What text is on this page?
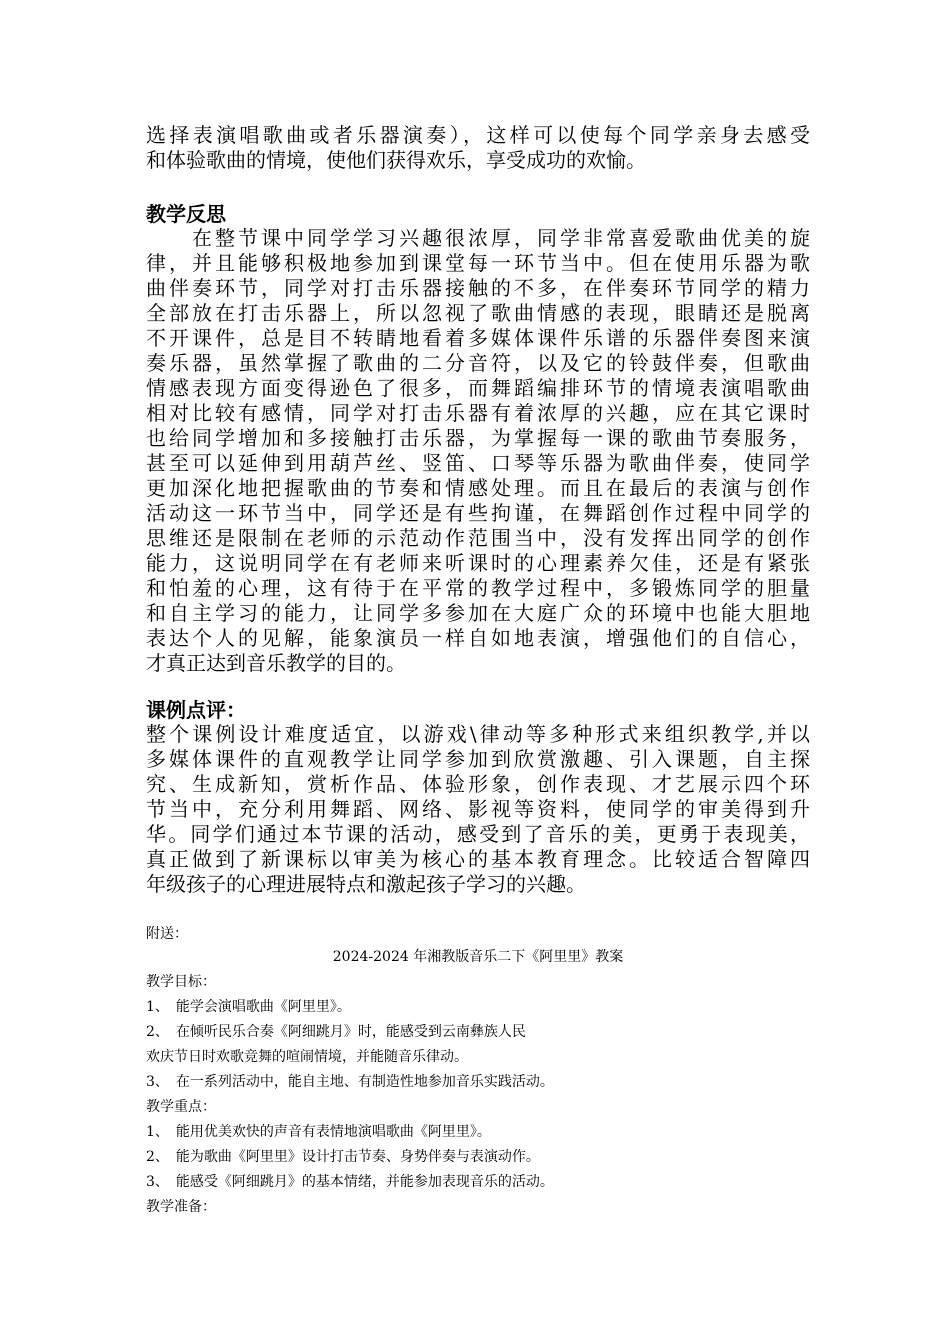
选择表演唱歌曲或者乐器演奏），这样可以使每个同学亲身去感受
和体验歌曲的情境，使他们获得欢乐，享受成功的欢愉。
教学反思
　　在整节课中同学学习兴趣很浓厚，同学非常喜爱歌曲优美的旋
律，并且能够积极地参加到课堂每一环节当中。但在使用乐器为歌
曲伴奏环节，同学对打击乐器接触的不多，在伴奏环节同学的精力
全部放在打击乐器上，所以忽视了歌曲情感的表现，眼睛还是脱离
不开课件，总是目不转睛地看着多媒体课件乐谱的乐器伴奏图来演
奏乐器，虽然掌握了歌曲的二分音符，以及它的铃鼓伴奏，但歌曲
情感表现方面变得逊色了很多，而舞蹈编排环节的情境表演唱歌曲
相对比较有感情，同学对打击乐器有着浓厚的兴趣，应在其它课时
也给同学增加和多接触打击乐器，为掌握每一课的歌曲节奏服务，
甚至可以延伸到用葫芦丝、竖笛、口琴等乐器为歌曲伴奏，使同学
更加深化地把握歌曲的节奏和情感处理。而且在最后的表演与创作
活动这一环节当中，同学还是有些拘谨，在舞蹈创作过程中同学的
思维还是限制在老师的示范动作范围当中，没有发挥出同学的创作
能力，这说明同学在有老师来听课时的心理素养欠佳，还是有紧张
和怕羞的心理，这有待于在平常的教学过程中，多锻炼同学的胆量
和自主学习的能力，让同学多参加在大庭广众的环境中也能大胆地
表达个人的见解，能象演员一样自如地表演，增强他们的自信心，
才真正达到音乐教学的目的。
课例点评：
整个课例设计难度适宜，以游戏\律动等多种形式来组织教学,并以
多媒体课件的直观教学让同学参加到欣赏激趣、引入课题，自主探
究、生成新知，赏析作品、体验形象，创作表现、才艺展示四个环
节当中，充分利用舞蹈、网络、影视等资料，使同学的审美得到升
华。同学们通过本节课的活动，感受到了音乐的美，更勇于表现美，
真正做到了新课标以审美为核心的基本教育理念。比较适合智障四
年级孩子的心理进展特点和激起孩子学习的兴趣。
附送：
2024-2024 年湘教版音乐二下《阿里里》教案
教学目标：
1、　能学会演唱歌曲《阿里里》。
2、　在倾听民乐合奏《阿细跳月》时，能感受到云南彝族人民
欢庆节日时欢歌竞舞的喧闹情境，并能随音乐律动。
3、　在一系列活动中，能自主地、有制造性地参加音乐实践活动。
教学重点：
1、　能用优美欢快的声音有表情地演唱歌曲《阿里里》。
2、　能为歌曲《阿里里》设计打击节奏、身势伴奏与表演动作。
3、　能感受《阿细跳月》的基本情绪，并能参加表现音乐的活动。
教学准备：
